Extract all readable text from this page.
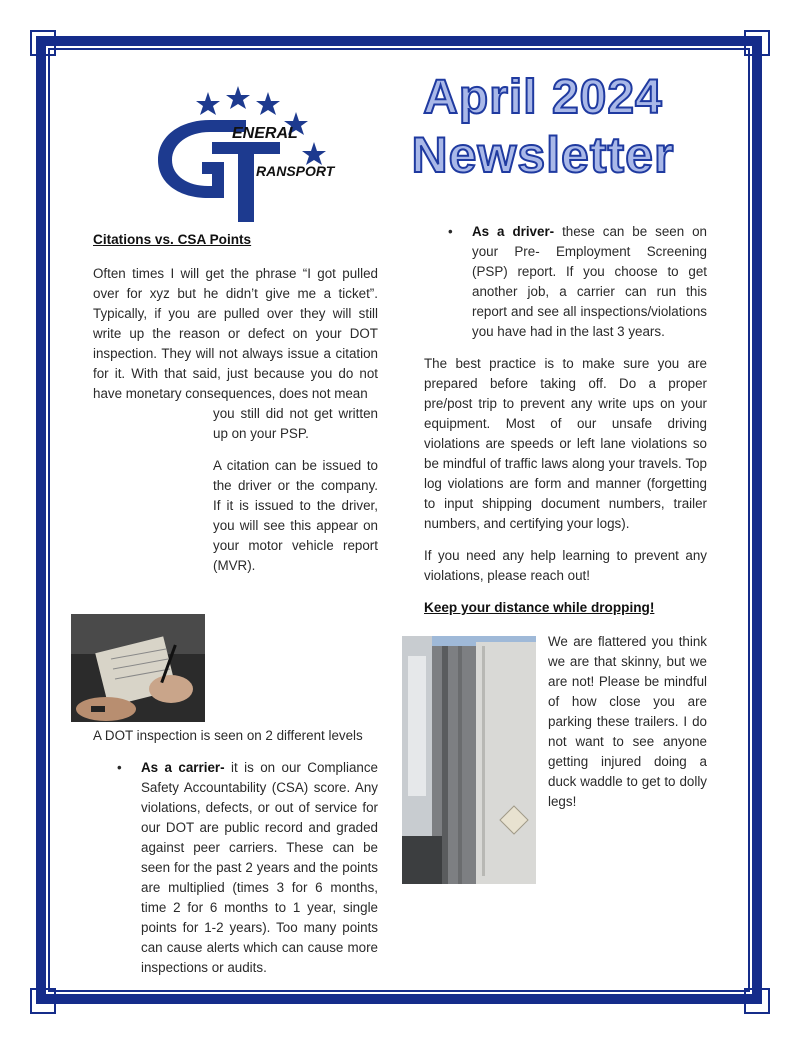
ENERAL
RANSPORT
April 2024
Newsletter
Citations vs. CSA Points

Often times I will get the phrase “I got pulled over for xyz but he didn’t give me a ticket”. Typically, if you are pulled over they will still write up the reason or defect on your DOT inspection. They will not always issue a citation for it. With that said, just because you do not have monetary consequences, does not mean

you still did not get written up on your PSP.

A citation can be issued to the driver or the company. If it is issued to the driver, you will see this appear on your motor vehicle report (MVR).

A DOT inspection is seen on 2 different levels

• As a carrier- it is on our Compliance Safety Accountability (CSA) score. Any violations, defects, or out of service for our DOT are public record and graded against peer carriers. These can be seen for the past 2 years and the points are multiplied (times 3 for 6 months, time 2 for 6 months to 1 year, single points for 1-2 years). Too many points can cause alerts which can cause more inspections or audits.
• As a driver- these can be seen on your Pre- Employment Screening (PSP) report. If you choose to get another job, a carrier can run this report and see all inspections/violations you have had in the last 3 years.

The best practice is to make sure you are prepared before taking off. Do a proper pre/post trip to prevent any write ups on your equipment. Most of our unsafe driving violations are speeds or left lane violations so be mindful of traffic laws along your travels. Top log violations are form and manner (forgetting to input shipping document numbers, trailer numbers, and certifying your logs).

If you need any help learning to prevent any violations, please reach out!

Keep your distance while dropping!

We are flattered you think we are that skinny, but we are not! Please be mindful of how close you are parking these trailers. I do not want to see anyone getting injured doing a duck waddle to get to dolly legs!
